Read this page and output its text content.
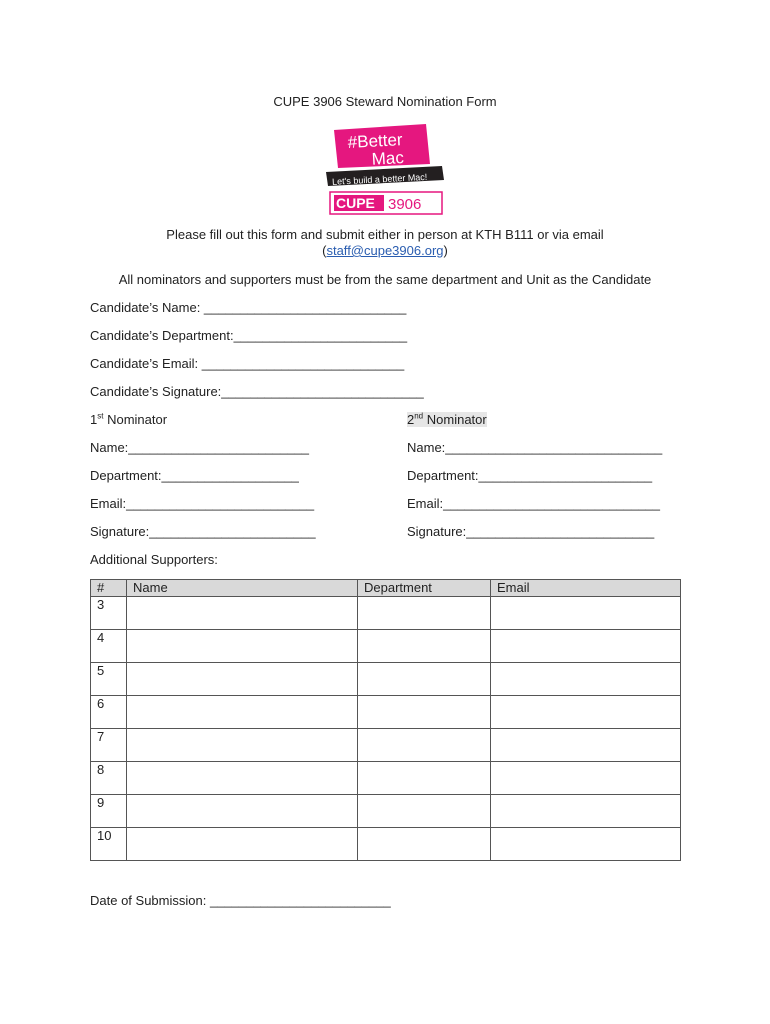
CUPE 3906 Steward Nomination Form
#Better
Mac
Let's build a better Mac!
CUPE 3906
Please fill out this form and submit either in person at KTH B111 or via email
(staff@cupe3906.org)
All nominators and supporters must be from the same department and Unit as the Candidate
Candidate’s Name: ____________________________
Candidate’s Department:________________________
Candidate’s Email: ____________________________
Candidate’s Signature:____________________________
1st Nominator	2nd Nominator
Name:_________________________	Name:______________________________
Department:___________________	Department:________________________
Email:__________________________	Email:______________________________
Signature:_______________________	Signature:__________________________
Additional Supporters:
#	Name	Department	Email
3			
4			
5			
6			
7			
8			
9			
10			
Date of Submission: _________________________
